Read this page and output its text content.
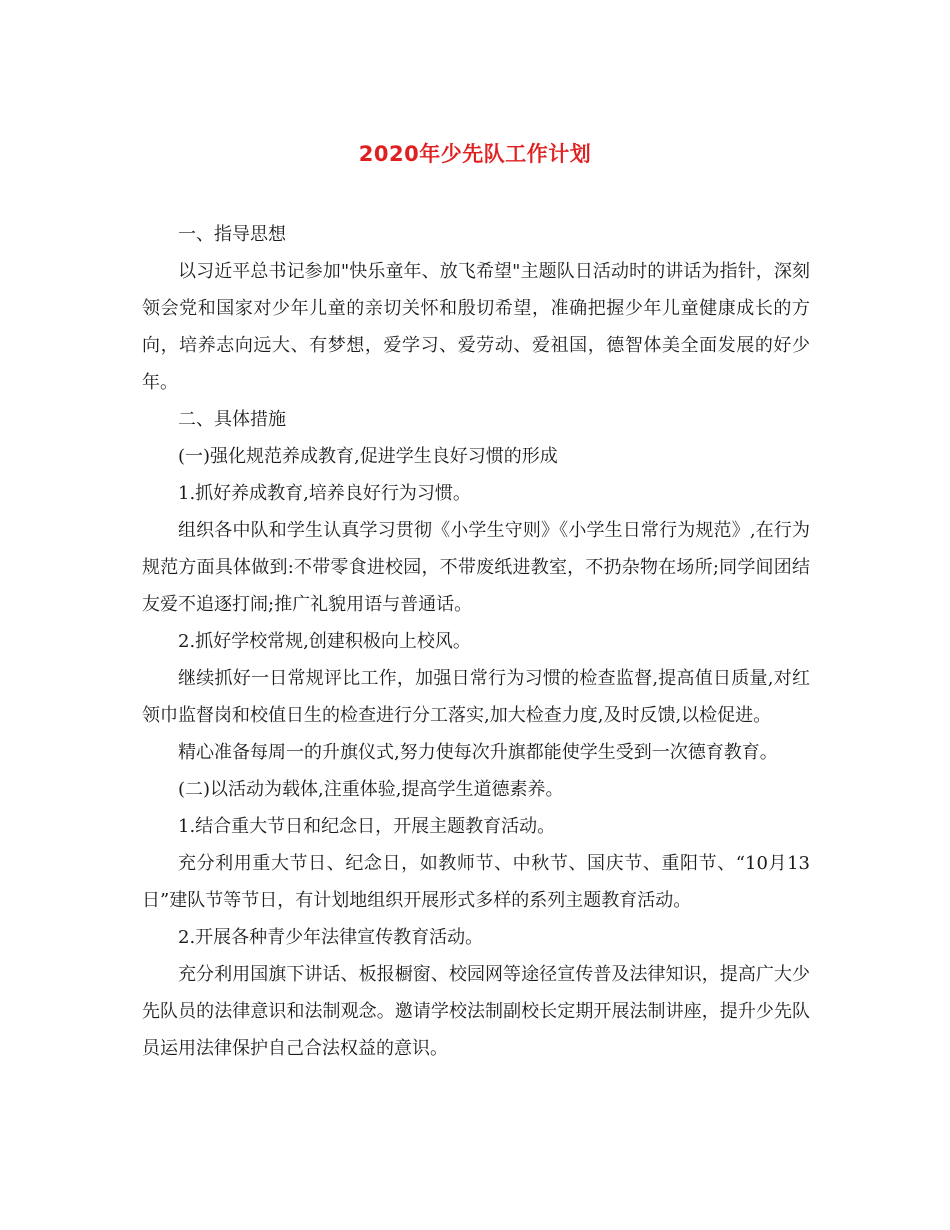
2020年少先队工作计划

一、指导思想

以习近平总书记参加"快乐童年、放飞希望"主题队日活动时的讲话为指针，深刻领会党和国家对少年儿童的亲切关怀和殷切希望，准确把握少年儿童健康成长的方向，培养志向远大、有梦想，爱学习、爱劳动、爱祖国，德智体美全面发展的好少年。

二、具体措施

(一)强化规范养成教育,促进学生良好习惯的形成

1.抓好养成教育,培养良好行为习惯。

组织各中队和学生认真学习贯彻《小学生守则》《小学生日常行为规范》,在行为规范方面具体做到:不带零食进校园，不带废纸进教室，不扔杂物在场所;同学间团结友爱不追逐打闹;推广礼貌用语与普通话。

2.抓好学校常规,创建积极向上校风。

继续抓好一日常规评比工作，加强日常行为习惯的检查监督,提高值日质量,对红领巾监督岗和校值日生的检查进行分工落实,加大检查力度,及时反馈,以检促进。

精心准备每周一的升旗仪式,努力使每次升旗都能使学生受到一次德育教育。

(二)以活动为载体,注重体验,提高学生道德素养。

1.结合重大节日和纪念日，开展主题教育活动。

充分利用重大节日、纪念日，如教师节、中秋节、国庆节、重阳节、“10月13日”建队节等节日，有计划地组织开展形式多样的系列主题教育活动。

2.开展各种青少年法律宣传教育活动。

充分利用国旗下讲话、板报橱窗、校园网等途径宣传普及法律知识，提高广大少先队员的法律意识和法制观念。邀请学校法制副校长定期开展法制讲座，提升少先队员运用法律保护自己合法权益的意识。
